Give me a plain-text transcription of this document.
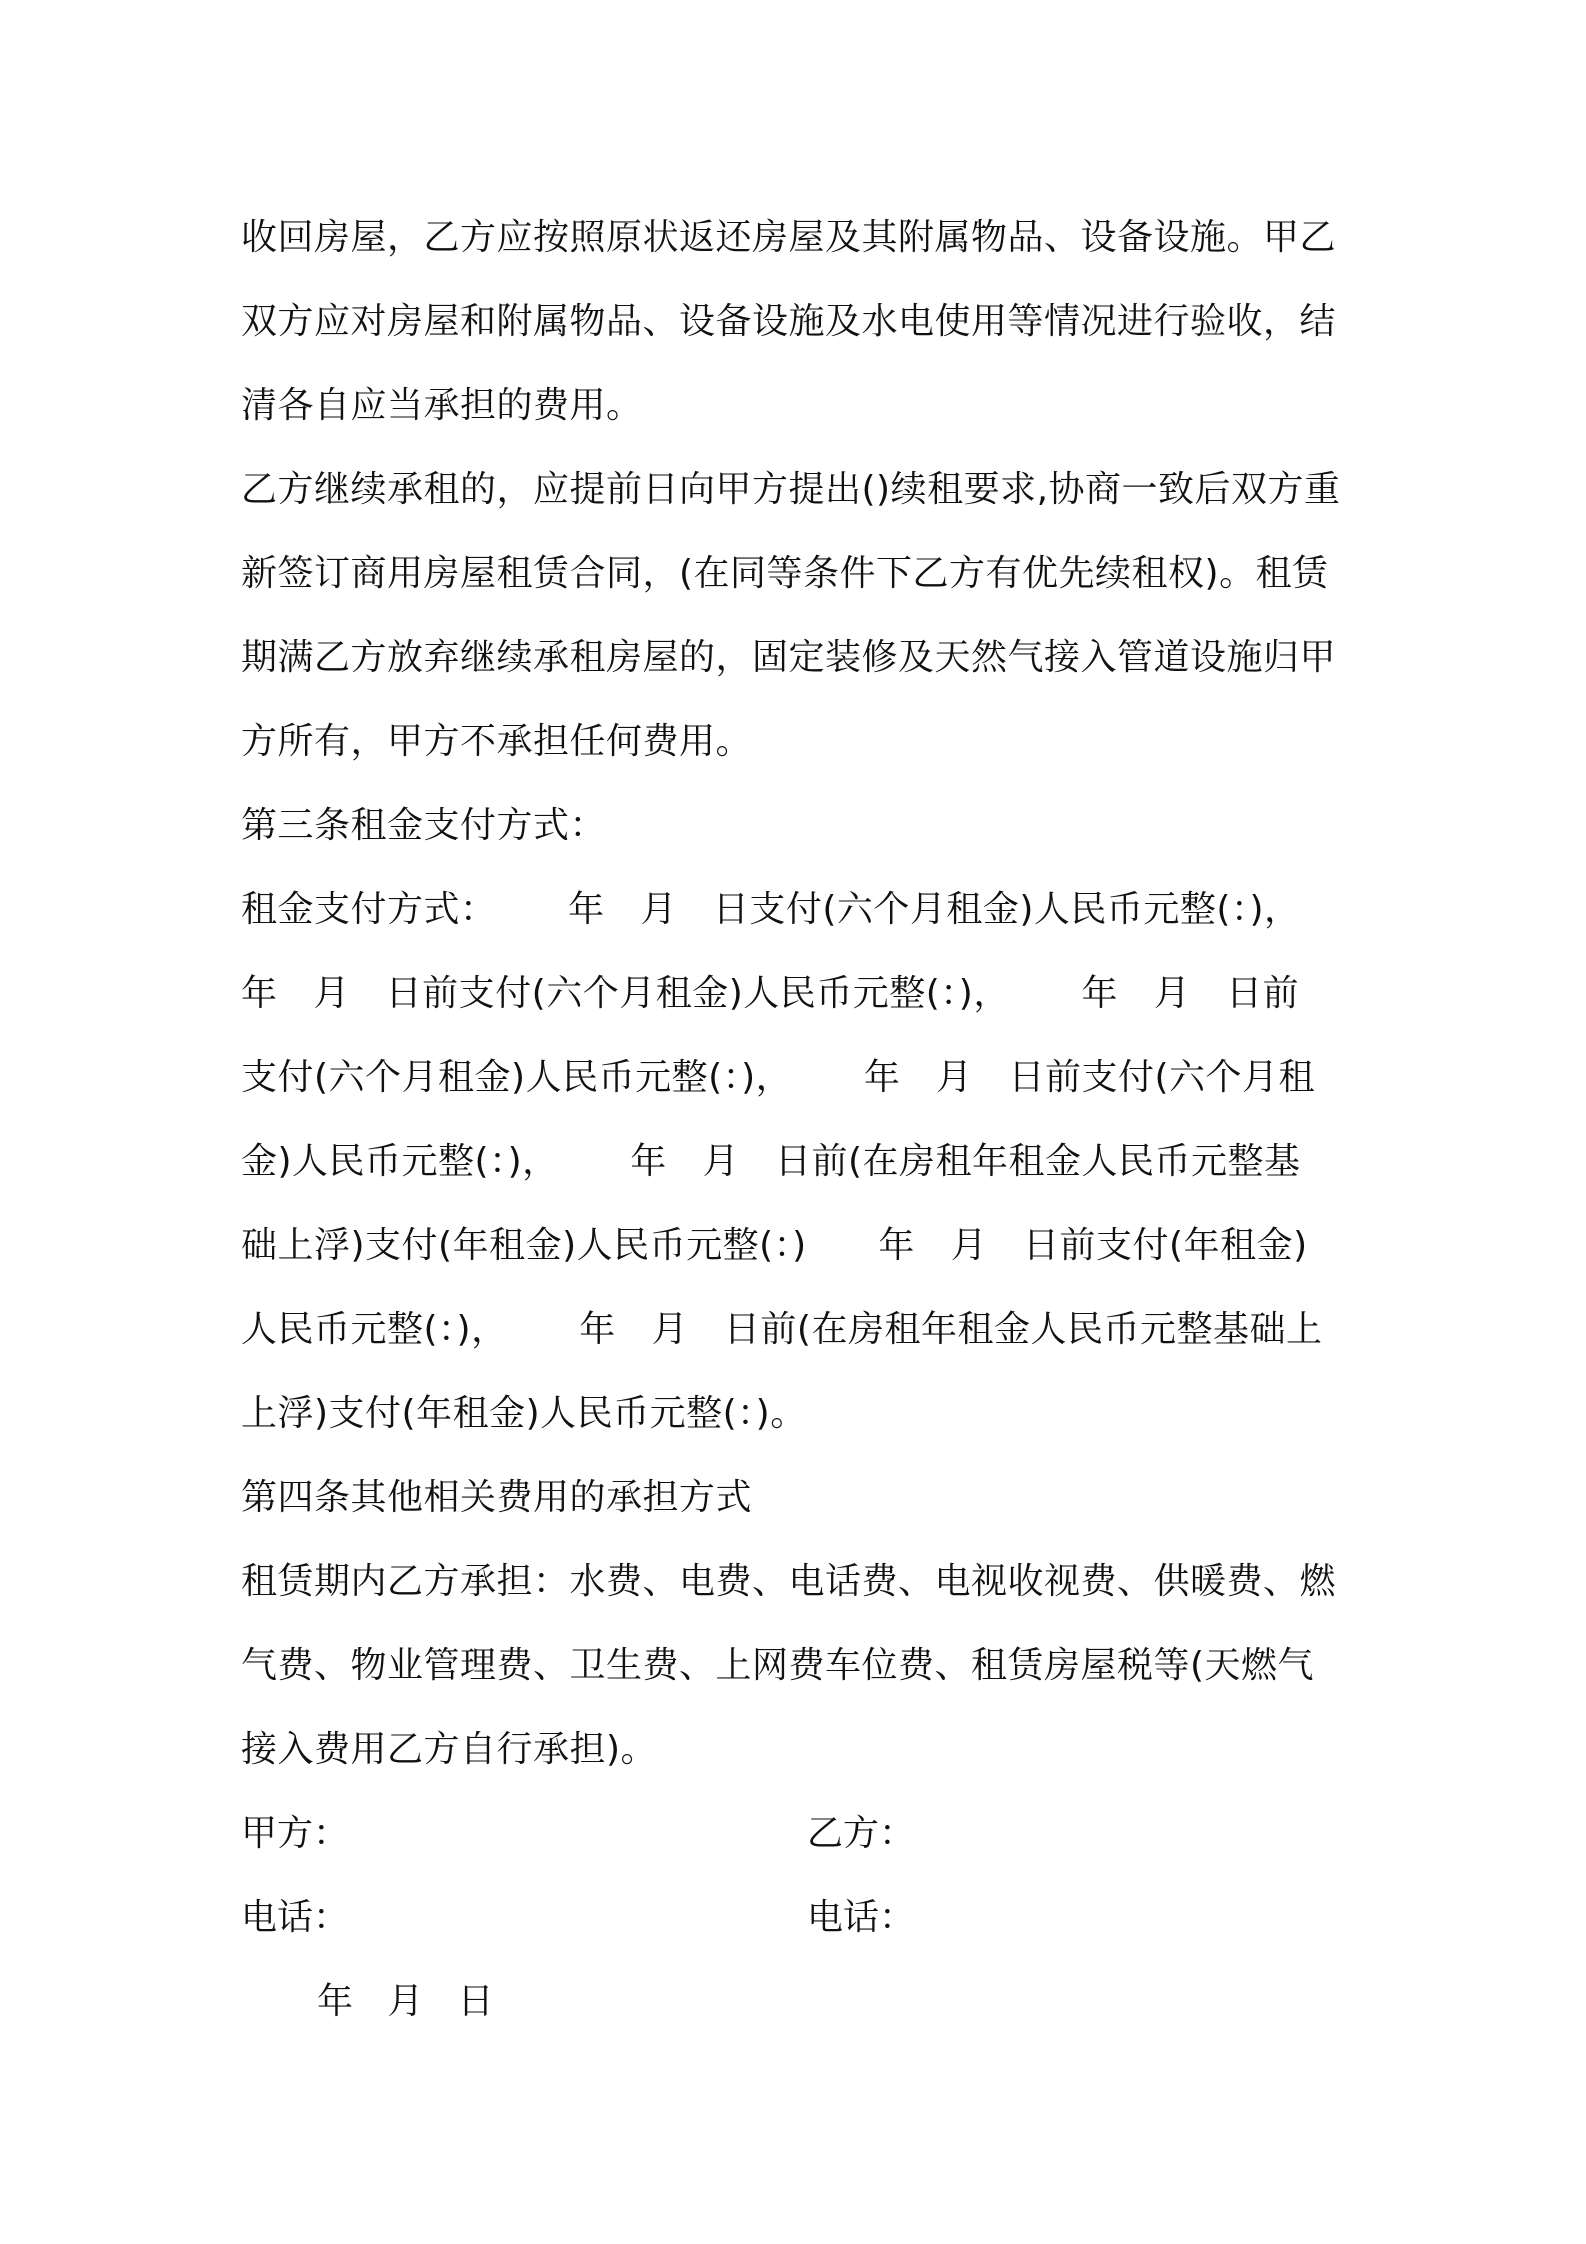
收回房屋，乙方应按照原状返还房屋及其附属物品、设备设施。甲乙
双方应对房屋和附属物品、设备设施及水电使用等情况进行验收，结
清各自应当承担的费用。
乙方继续承租的，应提前日向甲方提出()续租要求,协商一致后双方重
新签订商用房屋租赁合同，(在同等条件下乙方有优先续租权)。租赁
期满乙方放弃继续承租房屋的，固定装修及天然气接入管道设施归甲
方所有，甲方不承担任何费用。
第三条租金支付方式：
租金支付方式：      年   月   日支付(六个月租金)人民币元整(：)，
年   月   日前支付(六个月租金)人民币元整(：)，      年   月   日前
支付(六个月租金)人民币元整(：)，      年   月   日前支付(六个月租
金)人民币元整(：)，      年   月   日前(在房租年租金人民币元整基
础上浮)支付(年租金)人民币元整(：)      年   月   日前支付(年租金)
人民币元整(：)，      年   月   日前(在房租年租金人民币元整基础上
上浮)支付(年租金)人民币元整(：)。
第四条其他相关费用的承担方式
租赁期内乙方承担：水费、电费、电话费、电视收视费、供暖费、燃
气费、物业管理费、卫生费、上网费车位费、租赁房屋税等(天燃气
接入费用乙方自行承担)。
甲方：	乙方：
电话：	电话：
年   月   日
